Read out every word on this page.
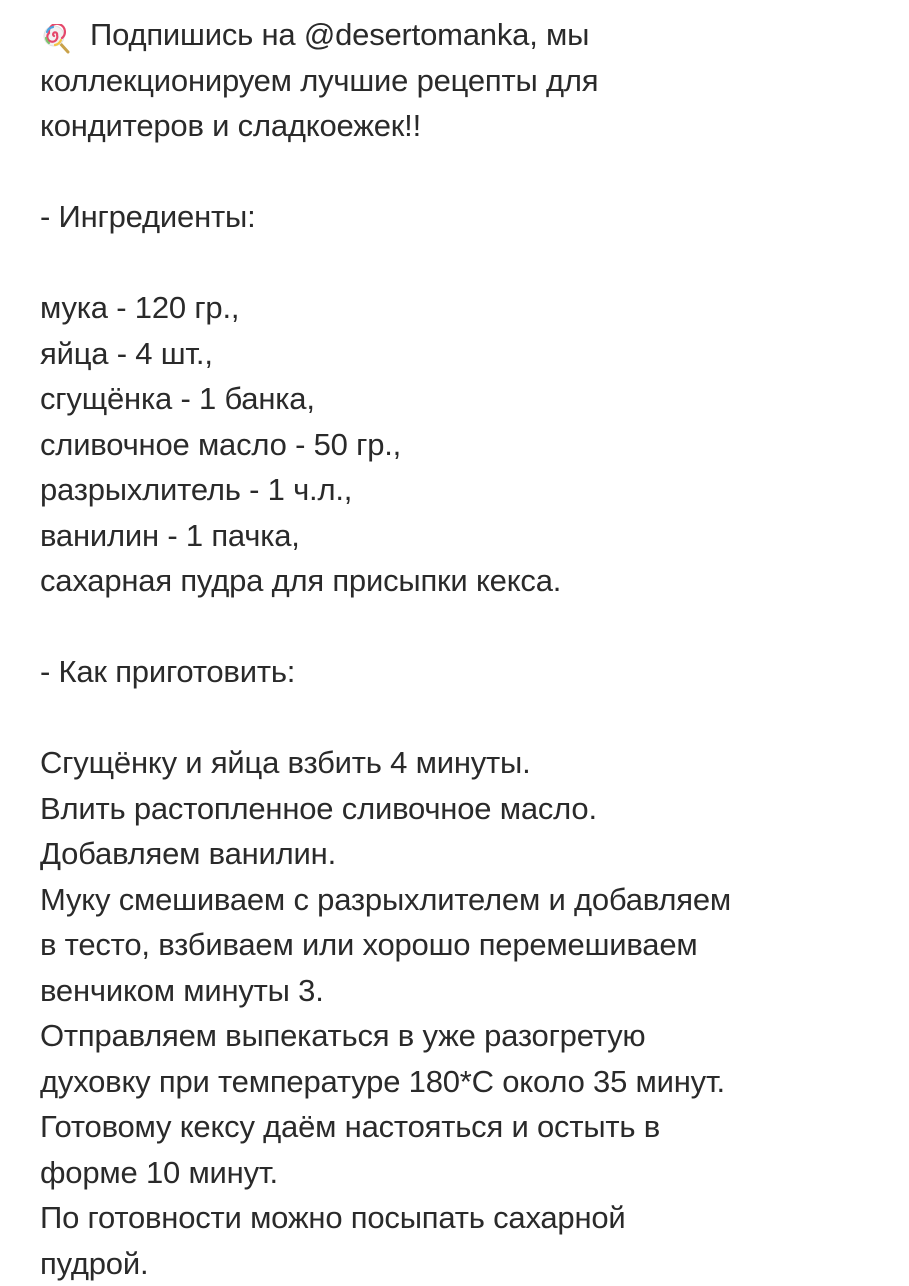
Подпишись на @desertomanka , мы
коллекционируем лучшие рецепты для
кондитеров и сладкоежек!!
- Ингредиенты:
мука - 120 гр.,
яйца - 4 шт.,
сгущёнка - 1 банка,
сливочное масло - 50 гр.,
разрыхлитель - 1 ч.л.,
ванилин - 1 пачка,
сахарная пудра для присыпки кекса.
- Как приготовить:
Сгущёнку и яйца взбить 4 минуты.
Влить растопленное сливочное масло.
Добавляем ванилин.
Муку смешиваем с разрыхлителем и добавляем
в тесто, взбиваем или хорошо перемешиваем
венчиком минуты 3.
Отправляем выпекаться в уже разогретую
духовку при температуре 180*С около 35 минут.
Готовому кексу даём настояться и остыть в
форме 10 минут.
По готовности можно посыпать сахарной
пудрой.
